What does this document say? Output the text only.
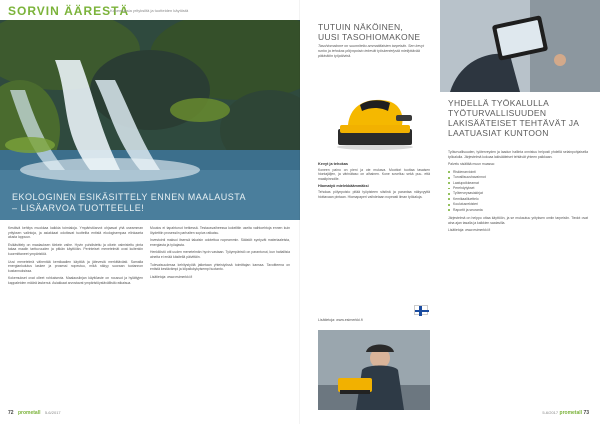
SORVIN ÄÄRESTÄ
Kokemuksia yrityksiltä ja tuotteiden käytöstä
EKOLOGINEN ESIKÄSITTELY ENNEN MAALAUSTA
– LISÄARVOA TUOTTEELLE!

Kestävä kehitys muokkaa kaikkia toimialoja. Ympäristöarvot ohjaavat yhä useamman yrityksen valintoja, ja asiakkaat odottavat tuotteilta entistä ekologisempaa elinkaarta alusta loppuun.

Esikäsittely on maalauksen tärkein vaihe. Hyvin puhdistettu ja oikein valmisteltu pinta takaa maalin tarttuvuuden ja pitkän käyttöiän. Perinteiset menetelmät ovat kuitenkin kuormittaneet ympäristöä.

Uusi menetelmä vähentää kemikaalien käyttöä ja jätevesiä merkittävästi. Samalla energiankulutus laskee ja prosessi nopeutuu, mikä näkyy suoraan tuotannon kustannuksissa.

Kokemukset ovat olleet rohkaisevia. Maalauslinjan käyttöaste on noussut ja hylättyjen kappaleiden määrä laskenut. Asiakkaat arvostavat ympäristöystävällistä ratkaisua.

Muutos ei tapahtunut hetkessä. Testausvaiheessa kokeiltiin useita vaihtoehtoja ennen kuin löydettiin prosessiin parhaiten sopiva ratkaisu.

Investointi maksoi itsensä takaisin odotettua nopeammin. Säästöt syntyvät materiaaleista, energiasta ja työajasta.

Henkilöstö otti uuden menetelmän hyvin vastaan. Työympäristö on parantunut, kun haitallisia aineita ei enää käsitellä päivittäin.

Tulevaisuudessa kehitystyötä jatketaan yhteistyössä toimittajan kanssa. Tavoitteena on entistä kestävämpi ja kilpailukykyisempi tuotanto.

Lisätietoja: www.esimerkki.fi

72 prometall 5-6/2017
TUTUIN NÄKÖINEN,
UUSI TASOHIOMAKONE
Tasohiomakone on suunniteltu ammattilaisten tarpeisiin. Sen kevyt runko ja tehokas pölynpoisto tekevät työskentelystä miellyttävää pitkinäkin työpäivinä.
Kevyt ja tehokas

Koneen paino on pieni ja ote mukava. Moottori tuottaa tasaisen hiontajäljen, ja värinätaso on alhainen. Kone soveltuu sekä puu- että maalipinnoille.

Hiomatyö mielekkäämmäksi

Tehokas pölynpoisto pitää työpisteen siistinä ja parantaa näkyvyyttä hiottavaan pintaan. Hiomapaperi vaihdetaan nopeasti ilman työkaluja.

Lisätietoja: www.esimerkki.fi
YHDELLÄ TYÖKALULLA
TYÖTURVALLISUUDEN
LAKISÄÄTEISET TEHTÄVÄT JA
LAATUASIAT KUNTOON

Työturvallisuuden, työterveyden ja laadun hallinta onnistuu helposti yhdellä selainpohjaisella työkalulla. Järjestelmä kokoaa lakisääteiset tehtävät yhteen paikkaan.

Palvelu sisältää muun muassa:

Riskienarviointi
Turvallisuushavainnot
Laatupoikkeamat
Perehdytykset
Työterveysasiakirjat
Kemikaaliluettelo
Koulutusrekisteri
Raportit ja seuranta

Järjestelmä on helppo ottaa käyttöön, ja se mukautuu yrityksen omiin tarpeisiin. Tiedot ovat aina ajan tasalla ja kaikkien saatavilla.

Lisätietoja: www.esimerkki.fi

5-6/2017 prometall 73
